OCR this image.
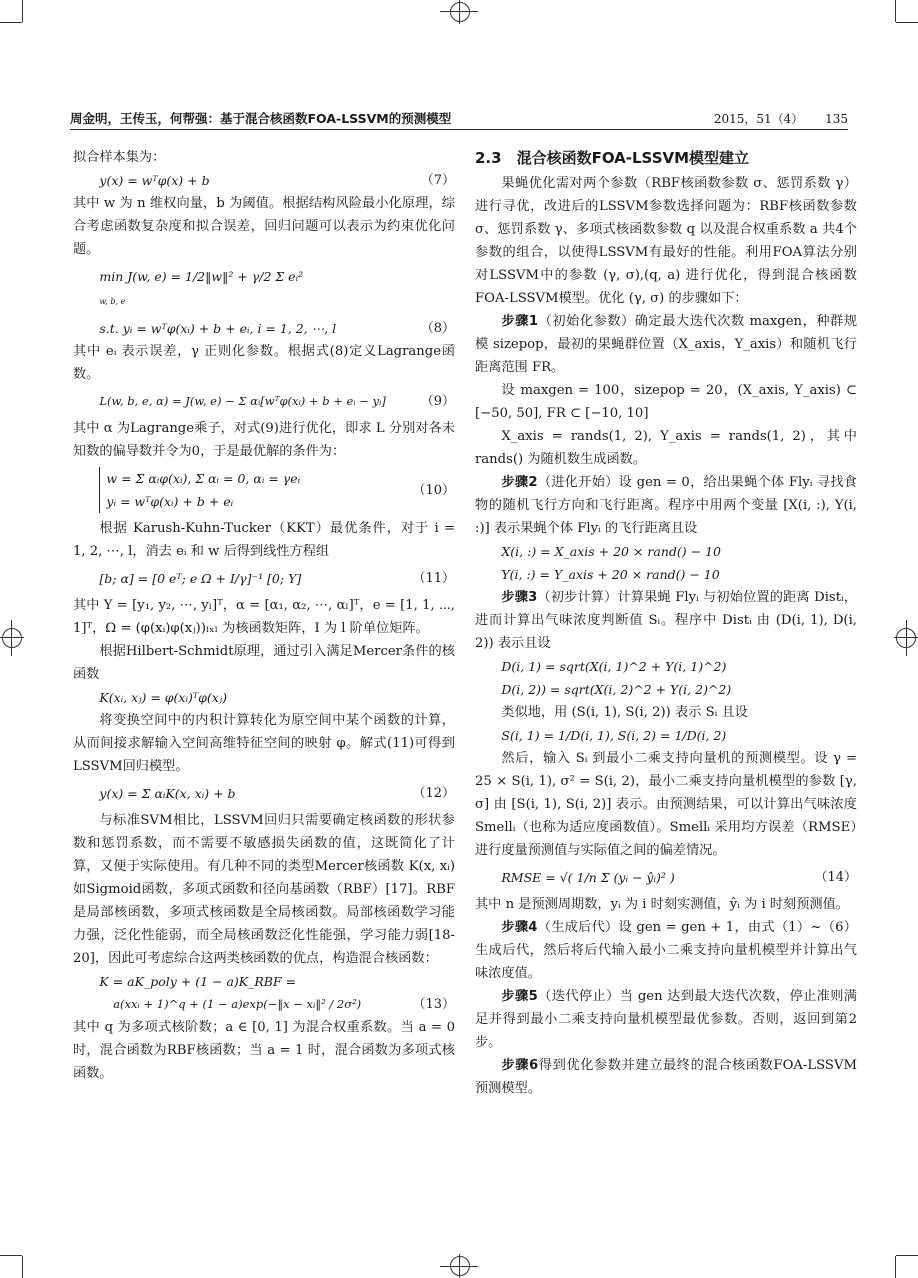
周金明，王传玉，何帮强：基于混合核函数FOA-LSSVM的预测模型	2015，51（4） 135

拟合样本集为：

y(x) = wᵀφ(x) + b	（7）

其中 w 为 n 维权向量，b 为阈值。根据结构风险最小化原理，综合考虑函数复杂度和拟合误差，回归问题可以表示为约束优化问题。

min J(w, e) = 1/2‖w‖² + γ/2 Σ eᵢ²
w, b, e
s.t. yᵢ = wᵀφ(xᵢ) + b + eᵢ, i = 1, 2, ⋯, l	（8）

其中 eᵢ 表示误差，γ 正则化参数。根据式(8)定义Lagrange函数。

L(w, b, e, α) = J(w, e) − Σ αᵢ[wᵀφ(xᵢ) + b + eᵢ − yᵢ]	（9）

其中 α 为Lagrange乘子，对式(9)进行优化，即求 L 分别对各未知数的偏导数并令为0，于是最优解的条件为：

w = Σ αᵢφ(xᵢ), Σ αᵢ = 0, αᵢ = γeᵢ
yᵢ = wᵀφ(xᵢ) + b + eᵢ
（10）

根据 Karush-Kuhn-Tucker（KKT）最优条件，对于 i = 1, 2, ⋯, l，消去 eᵢ 和 w 后得到线性方程组

[b; α] = [0 eᵀ; e Ω + I/γ]⁻¹ [0; Y]	（11）

其中 Y = [y₁, y₂, ⋯, yₗ]ᵀ，α = [α₁, α₂, ⋯, αₗ]ᵀ，e = [1, 1, ⋯, 1]ᵀ，Ω = (φ(xᵢ)φ(xⱼ))ₗₓₗ 为核函数矩阵，I 为 l 阶单位矩阵。

根据Hilbert-Schmidt原理，通过引入满足Mercer条件的核函数

K(xᵢ, xⱼ) = φ(xᵢ)ᵀφ(xⱼ)

将变换空间中的内积计算转化为原空间中某个函数的计算，从而间接求解输入空间高维特征空间的映射 φ。解式(11)可得到LSSVM回归模型。

y(x) = Σ αᵢK(x, xᵢ) + b	（12）

与标准SVM相比，LSSVM回归只需要确定核函数的形状参数和惩罚系数，而不需要不敏感损失函数的值，这既简化了计算，又便于实际使用。有几种不同的类型Mercer核函数 K(x, xᵢ) 如Sigmoid函数，多项式函数和径向基函数（RBF）[17]。RBF是局部核函数，多项式核函数是全局核函数。局部核函数学习能力强，泛化性能弱，而全局核函数泛化性能强，学习能力弱[18-20]，因此可考虑综合这两类核函数的优点，构造混合核函数：

K = aK_poly + (1 − a)K_RBF =
a(xxᵢ + 1)^q + (1 − a)exp(−‖x − xᵢ‖² / 2σ²)	（13）

其中 q 为多项式核阶数；a ∈ [0, 1] 为混合权重系数。当 a = 0 时，混合函数为RBF核函数；当 a = 1 时，混合函数为多项式核函数。

2.3　混合核函数FOA-LSSVM模型建立

果蝇优化需对两个参数（RBF核函数参数 σ、惩罚系数 γ）进行寻优，改进后的LSSVM参数选择问题为：RBF核函数参数 σ、惩罚系数 γ、多项式核函数参数 q 以及混合权重系数 a 共4个参数的组合，以使得LSSVM有最好的性能。利用FOA算法分别对LSSVM中的参数 (γ, σ),(q, a) 进行优化，得到混合核函数FOA-LSSVM模型。优化 (γ, σ) 的步骤如下：

步骤1（初始化参数）确定最大迭代次数 maxgen，种群规模 sizepop，最初的果蝇群位置（X_axis，Y_axis）和随机飞行距离范围 FR。

设 maxgen = 100，sizepop = 20，(X_axis, Y_axis) ⊂ [−50, 50], FR ⊂ [−10, 10]

X_axis = rands(1, 2), Y_axis = rands(1, 2)，其中 rands() 为随机数生成函数。

步骤2（进化开始）设 gen = 0，给出果蝇个体 Flyᵢ 寻找食物的随机飞行方向和飞行距离。程序中用两个变量 [X(i, :), Y(i, :)] 表示果蝇个体 Flyᵢ 的飞行距离且设

X(i, :) = X_axis + 20 × rand() − 10
Y(i, :) = Y_axis + 20 × rand() − 10

步骤3（初步计算）计算果蝇 Flyᵢ 与初始位置的距离 Distᵢ，进而计算出气味浓度判断值 Sᵢ。程序中 Distᵢ 由 (D(i, 1), D(i, 2)) 表示且设

D(i, 1) = sqrt(X(i, 1)^2 + Y(i, 1)^2)
D(i, 2)) = sqrt(X(i, 2)^2 + Y(i, 2)^2)

类似地，用 (S(i, 1), S(i, 2)) 表示 Sᵢ 且设

S(i, 1) = 1/D(i, 1), S(i, 2) = 1/D(i, 2)

然后，输入 Sᵢ 到最小二乘支持向量机的预测模型。设 γ = 25 × S(i, 1), σ² = S(i, 2)，最小二乘支持向量机模型的参数 [γ, σ] 由 [S(i, 1), S(i, 2)] 表示。由预测结果，可以计算出气味浓度 Smellᵢ（也称为适应度函数值）。Smellᵢ 采用均方误差（RMSE）进行度量预测值与实际值之间的偏差情况。

RMSE = √( 1/n Σ (yᵢ − ŷᵢ)² )	（14）

其中 n 是预测周期数，yᵢ 为 i 时刻实测值，ŷᵢ 为 i 时刻预测值。

步骤4（生成后代）设 gen = gen + 1，由式（1）~（6）生成后代，然后将后代输入最小二乘支持向量机模型并计算出气味浓度值。

步骤5（迭代停止）当 gen 达到最大迭代次数，停止准则满足并得到最小二乘支持向量机模型最优参数。否则，返回到第2步。

步骤6得到优化参数并建立最终的混合核函数FOA-LSSVM预测模型。
